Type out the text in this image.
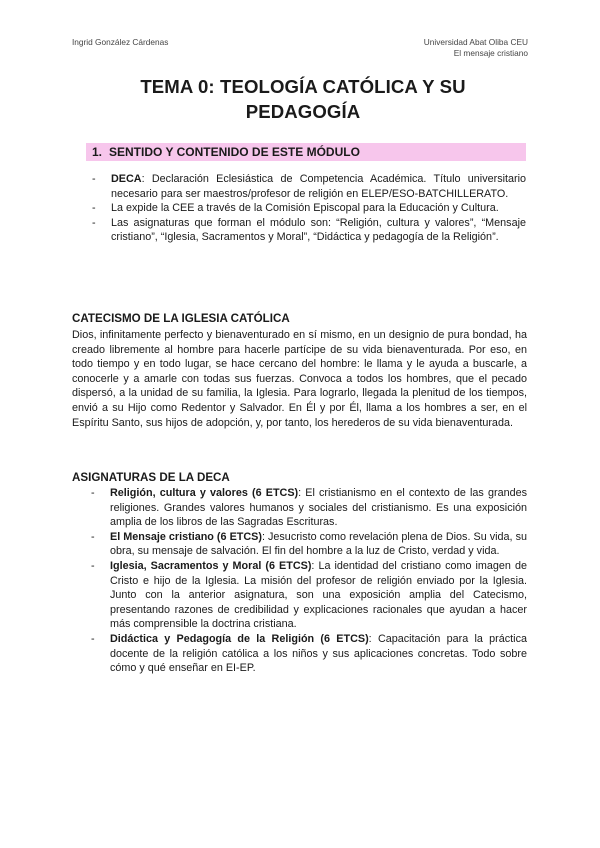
Ingrid González Cárdenas	Universidad Abat Oliba CEU
El mensaje cristiano
TEMA 0: TEOLOGÍA CATÓLICA Y SU
PEDAGOGÍA
1. SENTIDO Y CONTENIDO DE ESTE MÓDULO
- DECA: Declaración Eclesiástica de Competencia Académica. Título universitario necesario para ser maestros/profesor de religión en ELEP/ESO-BATCHILLERATO.
- La expide la CEE a través de la Comisión Episcopal para la Educación y Cultura.
- Las asignaturas que forman el módulo son: “Religión, cultura y valores”, “Mensaje cristiano”, “Iglesia, Sacramentos y Moral”, “Didáctica y pedagogía de la Religión”.
CATECISMO DE LA IGLESIA CATÓLICA

Dios, infinitamente perfecto y bienaventurado en sí mismo, en un designio de pura bondad, ha creado libremente al hombre para hacerle partícipe de su vida bienaventurada. Por eso, en todo tiempo y en todo lugar, se hace cercano del hombre: le llama y le ayuda a buscarle, a conocerle y a amarle con todas sus fuerzas. Convoca a todos los hombres, que el pecado dispersó, a la unidad de su familia, la Iglesia. Para lograrlo, llegada la plenitud de los tiempos, envió a su Hijo como Redentor y Salvador. En Él y por Él, llama a los hombres a ser, en el Espíritu Santo, sus hijos de adopción, y, por tanto, los herederos de su vida bienaventurada.

ASIGNATURAS DE LA DECA
- Religión, cultura y valores (6 ETCS): El cristianismo en el contexto de las grandes religiones. Grandes valores humanos y sociales del cristianismo. Es una exposición amplia de los libros de las Sagradas Escrituras.
- El Mensaje cristiano (6 ETCS): Jesucristo como revelación plena de Dios. Su vida, su obra, su mensaje de salvación. El fin del hombre a la luz de Cristo, verdad y vida.
- Iglesia, Sacramentos y Moral (6 ETCS): La identidad del cristiano como imagen de Cristo e hijo de la Iglesia. La misión del profesor de religión enviado por la Iglesia. Junto con la anterior asignatura, son una exposición amplia del Catecismo, presentando razones de credibilidad y explicaciones racionales que ayudan a hacer más comprensible la doctrina cristiana.
- Didáctica y Pedagogía de la Religión (6 ETCS): Capacitación para la práctica docente de la religión católica a los niños y sus aplicaciones concretas. Todo sobre cómo y qué enseñar en EI-EP.
